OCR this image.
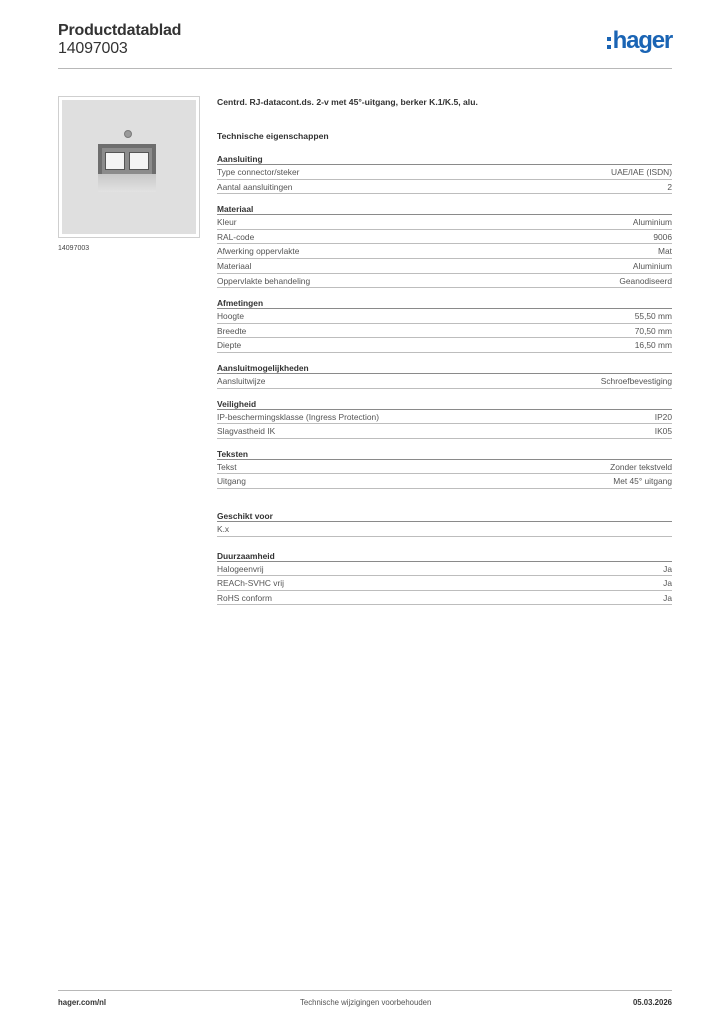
Productdatablad
14097003	hager
14097003
Centrd. RJ-datacont.ds. 2-v met 45°-uitgang, berker K.1/K.5, alu.
Technische eigenschappen
Aansluiting
Type connector/steker	UAE/IAE (ISDN)
Aantal aansluitingen	2
Materiaal
Kleur	Aluminium
RAL-code	9006
Afwerking oppervlakte	Mat
Materiaal	Aluminium
Oppervlakte behandeling	Geanodiseerd
Afmetingen
Hoogte	55,50 mm
Breedte	70,50 mm
Diepte	16,50 mm
Aansluitmogelijkheden
Aansluitwijze	Schroefbevestiging
Veiligheid
IP-beschermingsklasse (Ingress Protection)	IP20
Slagvastheid IK	IK05
Teksten
Tekst	Zonder tekstveld
Uitgang	Met 45° uitgang
Geschikt voor
K.x
Duurzaamheid
Halogeenvrij	Ja
REACh-SVHC vrij	Ja
RoHS conform	Ja
hager.com/nl	Technische wijzigingen voorbehouden	05.03.2026
